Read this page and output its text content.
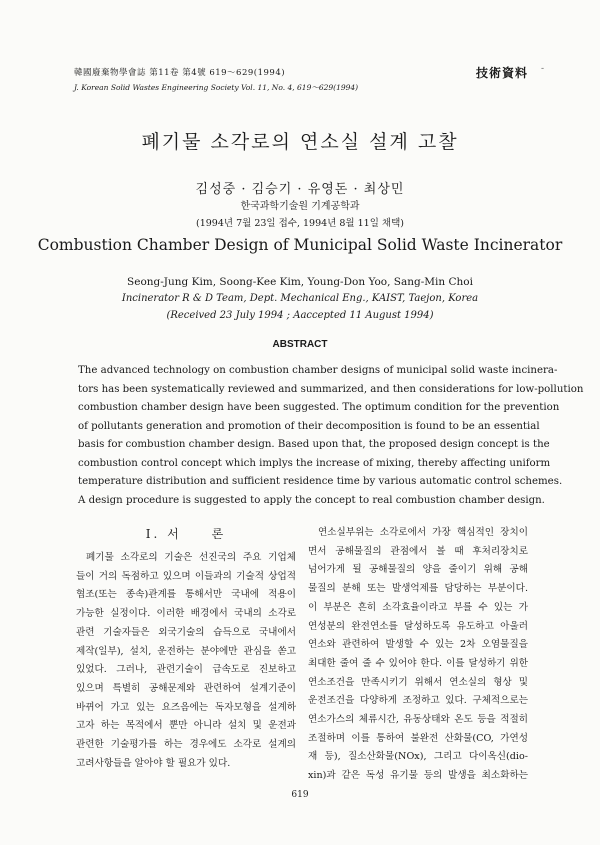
韓國廢棄物學會誌 第11卷 第4號 619～629(1994)
J. Korean Solid Wastes Engineering Society Vol. 11, No. 4, 619～629(1994)
技術資料 -
폐기물 소각로의 연소실 설계 고찰
김성중 · 김승기 · 유영돈 · 최상민
한국과학기술원 기계공학과
(1994년 7월 23일 접수, 1994년 8월 11일 채택)
Combustion Chamber Design of Municipal Solid Waste Incinerator
Seong-Jung Kim, Soong-Kee Kim, Young-Don Yoo, Sang-Min Choi
Incinerator R & D Team, Dept. Mechanical Eng., KAIST, Taejon, Korea
(Received 23 July 1994 ; Aaccepted 11 August 1994)
ABSTRACT
The advanced technology on combustion chamber designs of municipal solid waste incinera-
tors has been systematically reviewed and summarized, and then considerations for low-pollution
combustion chamber design have been suggested. The optimum condition for the prevention
of pollutants generation and promotion of their decomposition is found to be an essential
basis for combustion chamber design. Based upon that, the proposed design concept is the
combustion control concept which implys the increase of mixing, thereby affecting uniform
temperature distribution and sufficient residence time by various automatic control schemes.
A design procedure is suggested to apply the concept to real combustion chamber design.
I. 서　　론
폐기물 소각로의 기술은 선진국의 주요 기업체
들이 거의 독점하고 있으며 이들과의 기술적 상업적
협조(또는 종속)관계를 통해서만 국내에 적용이
가능한 실정이다. 이러한 배경에서 국내의 소각로
관련 기술자들은 외국기술의 습득으로 국내에서
제작(일부), 설치, 운전하는 분야에만 관심을 쏟고
있었다. 그러나, 관련기술이 급속도로 진보하고
있으며 특별히 공해문제와 관련하여 설계기준이
바뀌어 가고 있는 요즈음에는 독자모형을 설계하
고자 하는 목적에서 뿐만 아니라 설치 및 운전과
관련한 기술평가를 하는 경우에도 소각로 설계의
고려사항들을 알아야 할 필요가 있다.
연소실부위는 소각로에서 가장 핵심적인 장치이
면서 공해물질의 관점에서 볼 때 후처리장치로
넘어가게 될 공해물질의 양을 줄이기 위해 공해
물질의 분해 또는 발생억제를 담당하는 부분이다.
이 부분은 흔히 소각효율이라고 부를 수 있는 가
연성분의 완전연소를 달성하도록 유도하고 아울러
연소와 관련하여 발생할 수 있는 2차 오염물질을
최대한 줄여 줄 수 있어야 한다. 이를 달성하기 위한
연소조건을 만족시키기 위해서 연소실의 형상 및
운전조건을 다양하게 조정하고 있다. 구체적으로는
연소가스의 체류시간, 유동상태와 온도 등을 적절히
조절하며 이를 통하여 불완전 산화물(CO, 가연성
재 등), 질소산화물(NOx), 그리고 다이옥신(dio-
xin)과 같은 독성 유기물 등의 발생을 최소화하는
619
